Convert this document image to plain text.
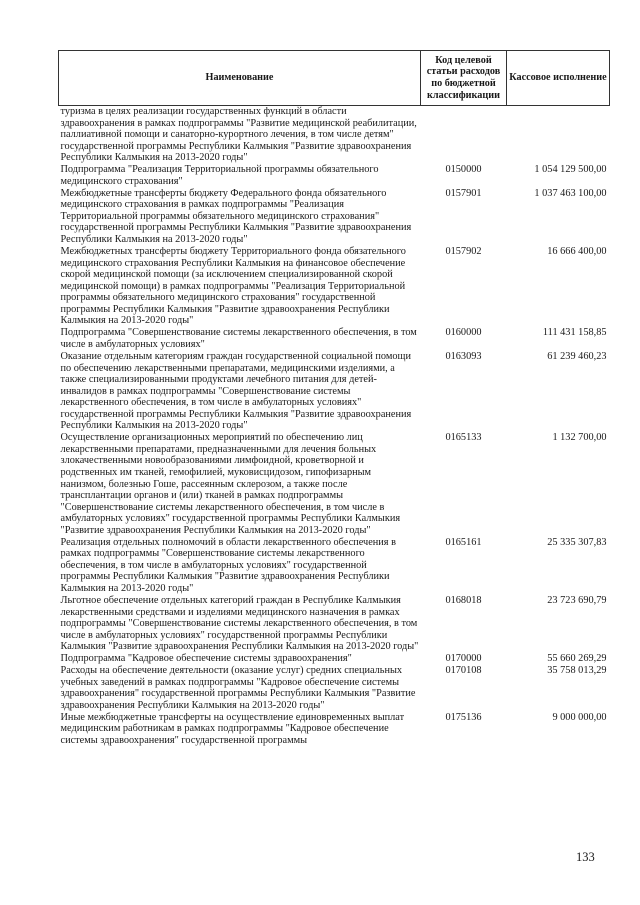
Наименование	Код целевой статьи расходов по бюджетной классификации	Кассовое исполнение
туризма в целях реализации государственных функций в области здравоохранения в рамках подпрограммы "Развитие медицинской реабилитации, паллиативной помощи и санаторно-курортного лечения, в том числе детям" государственной программы Республики Калмыкия "Развитие здравоохранения Республики Калмыкия на 2013-2020 годы"		
Подпрограмма "Реализация Территориальной программы обязательного медицинского страхования"	0150000	1 054 129 500,00
Межбюджетные трансферты бюджету Федерального фонда обязательного медицинского страхования в рамках подпрограммы "Реализация Территориальной программы обязательного медицинского страхования" государственной программы Республики Калмыкия "Развитие здравоохранения Республики Калмыкия на 2013-2020 годы"	0157901	1 037 463 100,00
Межбюджетных трансферты бюджету Территориального фонда обязательного медицинского страхования Республики Калмыкия на финансовое обеспечение скорой медицинской помощи (за исключением специализированной скорой медицинской помощи) в рамках подпрограммы "Реализация Территориальной программы обязательного медицинского страхования" государственной программы Республики Калмыкия "Развитие здравоохранения Республики Калмыкия на 2013-2020 годы"	0157902	16 666 400,00
Подпрограмма "Совершенствование системы лекарственного обеспечения, в том числе в амбулаторных условиях"	0160000	111 431 158,85
Оказание отдельным категориям граждан государственной социальной помощи по обеспечению лекарственными препаратами, медицинскими изделиями, а также специализированными продуктами лечебного питания для детей-инвалидов в рамках подпрограммы "Совершенствование системы лекарственного обеспечения, в том числе в амбулаторных условиях" государственной программы Республики Калмыкия "Развитие здравоохранения Республики Калмыкия на 2013-2020 годы"	0163093	61 239 460,23
Осуществление организационных мероприятий по обеспечению лиц лекарственными препаратами, предназначенными для лечения больных злокачественными новообразованиями лимфоидной, кроветворной и родственных им тканей, гемофилией, муковисцидозом, гипофизарным нанизмом, болезнью Гоше, рассеянным склерозом, а также после трансплантации органов и (или) тканей в рамках подпрограммы "Совершенствование системы лекарственного обеспечения, в том числе в амбулаторных условиях" государственной программы Республики Калмыкия "Развитие здравоохранения Республики Калмыкия на 2013-2020 годы"	0165133	1 132 700,00
Реализация отдельных полномочий в области лекарственного обеспечения в рамках подпрограммы "Совершенствование системы лекарственного обеспечения, в том числе в амбулаторных условиях" государственной программы Республики Калмыкия "Развитие здравоохранения Республики Калмыкия на 2013-2020 годы"	0165161	25 335 307,83
Льготное обеспечение отдельных категорий граждан в Республике Калмыкия лекарственными средствами и изделиями медицинского назначения в рамках подпрограммы "Совершенствование системы лекарственного обеспечения, в том числе в амбулаторных условиях" государственной программы Республики Калмыкия "Развитие здравоохранения Республики Калмыкия на 2013-2020 годы"	0168018	23 723 690,79
Подпрограмма "Кадровое обеспечение системы здравоохранения"	0170000	55 660 269,29
Расходы на обеспечение деятельности (оказание услуг) средних специальных учебных заведений в рамках подпрограммы "Кадровое обеспечение системы здравоохранения" государственной программы Республики Калмыкия "Развитие здравоохранения Республики Калмыкия на 2013-2020 годы"	0170108	35 758 013,29
Иные межбюджетные трансферты на осуществление единовременных выплат медицинским работникам в рамках подпрограммы "Кадровое обеспечение системы здравоохранения" государственной программы	0175136	9 000 000,00
133
